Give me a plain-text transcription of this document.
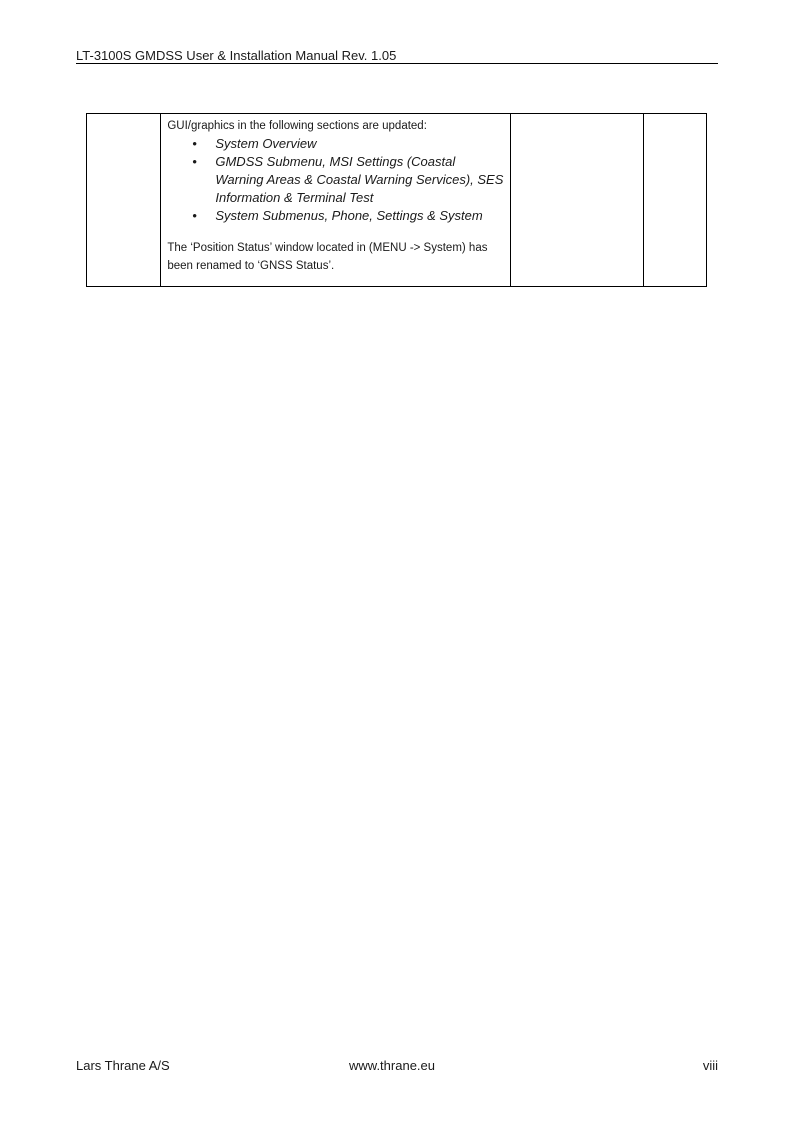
LT-3100S GMDSS User & Installation Manual Rev. 1.05

GUI/graphics in the following sections are updated:

• System Overview
• GMDSS Submenu, MSI Settings (Coastal Warning Areas & Coastal Warning Services), SES Information & Terminal Test
• System Submenus, Phone, Settings & System

The ‘Position Status’ window located in (MENU -> System) has been renamed to ‘GNSS Status’.

Lars Thrane A/S	www.thrane.eu	viii
